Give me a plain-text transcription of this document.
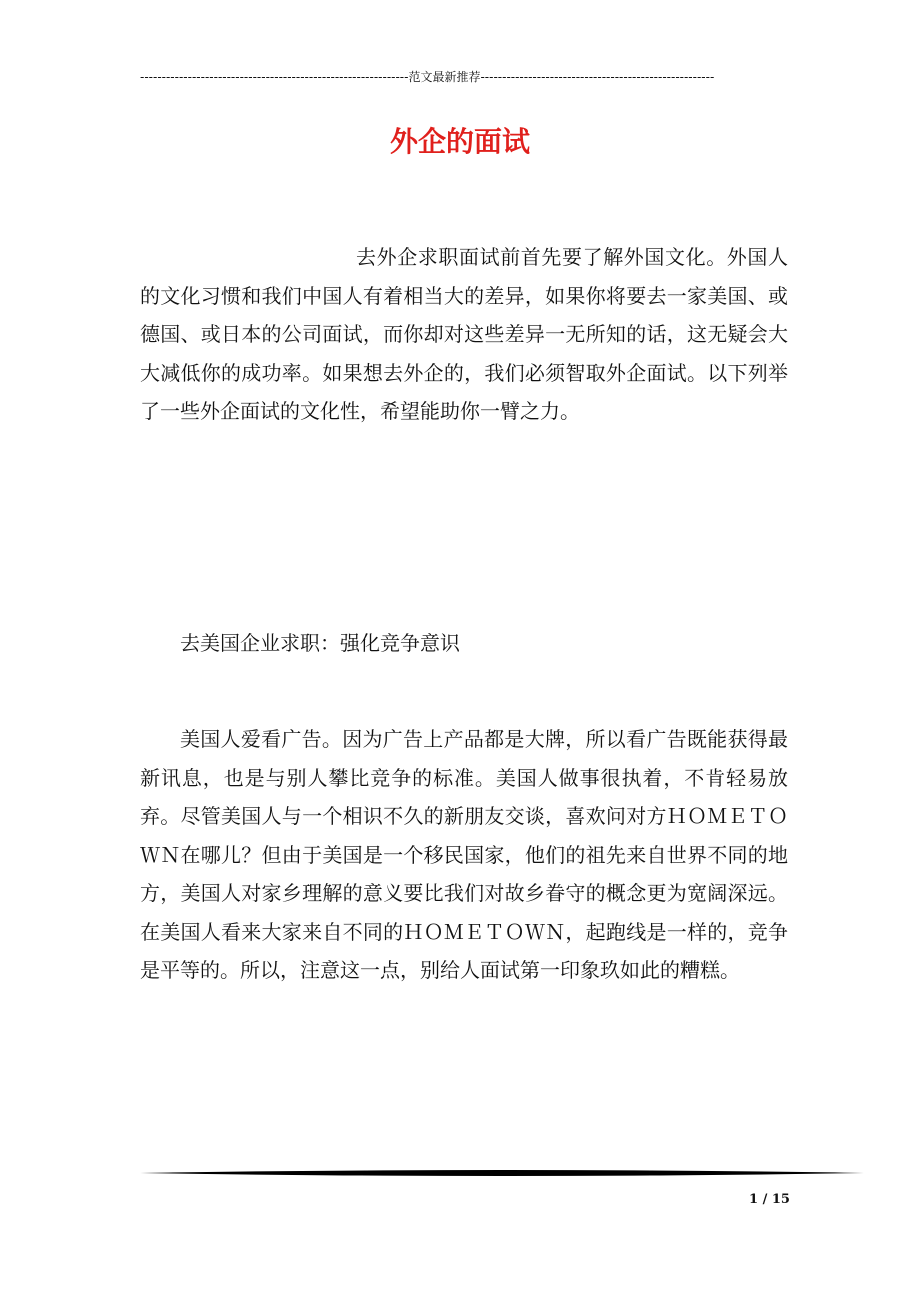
--------------------------------------------------------------范文最新推荐------------------------------------------------------
外企的面试
zixin.com.cn
去外企求职面试前首先要了解外国文化。外国人的文化习惯和我们中国人有着相当大的差异，如果你将要去一家美国、或德国、或日本的公司面试，而你却对这些差异一无所知的话，这无疑会大大减低你的成功率。如果想去外企的，我们必须智取外企面试。以下列举了一些外企面试的文化性，希望能助你一臂之力。
去美国企业求职：强化竞争意识
美国人爱看广告。因为广告上产品都是大牌，所以看广告既能获得最新讯息，也是与别人攀比竞争的标准。美国人做事很执着，不肯轻易放弃。尽管美国人与一个相识不久的新朋友交谈，喜欢问对方ＨＯＭＥＴＯＷＮ在哪儿？但由于美国是一个移民国家，他们的祖先来自世界不同的地方，美国人对家乡理解的意义要比我们对故乡眷守的概念更为宽阔深远。在美国人看来大家来自不同的ＨＯＭＥＴＯＷＮ，起跑线是一样的，竞争是平等的。所以，注意这一点，别给人面试第一印象玖如此的糟糕。
1 / 15
